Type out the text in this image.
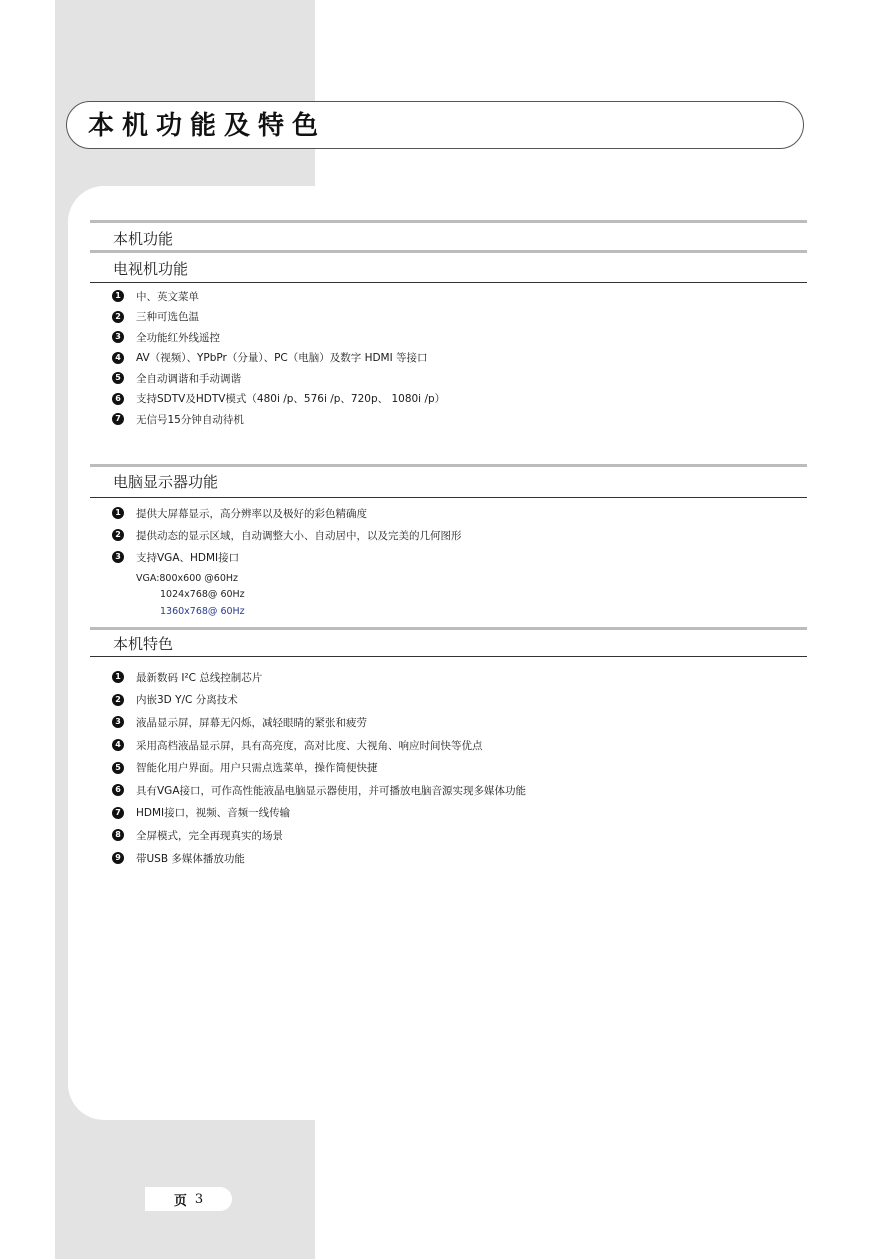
本机功能及特色
本机功能
电视机功能
1	中、英文菜单
2	三种可选色温
3	全功能红外线遥控
4	AV（视频）、YPbPr（分量）、PC（电脑）及数字 HDMI 等接口
5	全自动调谐和手动调谐
6	支持SDTV及HDTV模式（480i /p、576i /p、720p、 1080i /p）
7	无信号15分钟自动待机
电脑显示器功能
1	提供大屏幕显示，高分辨率以及极好的彩色精确度
2	提供动态的显示区域，自动调整大小、自动居中，以及完美的几何图形
3	支持VGA、HDMI接口
VGA:800x600 @60Hz
1024x768@ 60Hz
1360x768@ 60Hz
本机特色
1	最新数码 I²C 总线控制芯片
2	内嵌3D Y/C 分离技术
3	液晶显示屏，屏幕无闪烁，减轻眼睛的紧张和疲劳
4	采用高档液晶显示屏，具有高亮度，高对比度、大视角、响应时间快等优点
5	智能化用户界面。用户只需点选菜单，操作简便快捷
6	具有VGA接口，可作高性能液晶电脑显示器使用，并可播放电脑音源实现多媒体功能
7	HDMI接口，视频、音频一线传输
8	全屏模式，完全再现真实的场景
9	带USB 多媒体播放功能
页 3
